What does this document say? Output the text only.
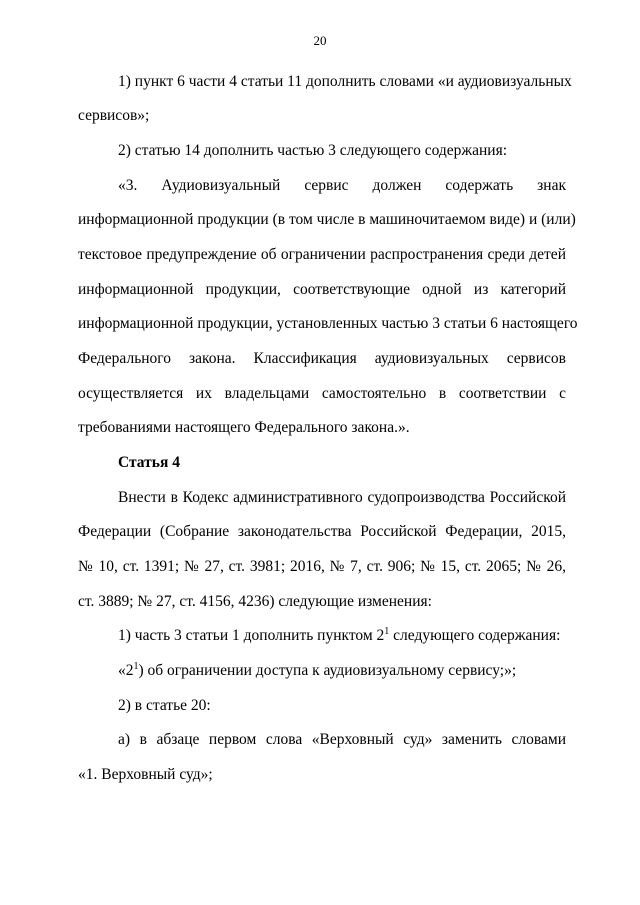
20
1) пункт 6 части 4 статьи 11 дополнить словами «и аудиовизуальных
сервисов»;
2) статью 14 дополнить частью 3 следующего содержания:
«3. Аудиовизуальный сервис должен содержать знак
информационной продукции (в том числе в машиночитаемом виде) и (или)
текстовое предупреждение об ограничении распространения среди детей
информационной продукции, соответствующие одной из категорий
информационной продукции, установленных частью 3 статьи 6 настоящего
Федерального закона. Классификация аудиовизуальных сервисов
осуществляется их владельцами самостоятельно в соответствии с
требованиями настоящего Федерального закона.».
Статья 4
Внести в Кодекс административного судопроизводства Российской
Федерации (Собрание законодательства Российской Федерации, 2015,
№ 10, ст. 1391; № 27, ст. 3981; 2016, № 7, ст. 906; № 15, ст. 2065; № 26,
ст. 3889; № 27, ст. 4156, 4236) следующие изменения:
1) часть 3 статьи 1 дополнить пунктом $2^1$ следующего содержания:
«$2^1$) об ограничении доступа к аудиовизуальному сервису;»;
2) в статье 20:
а) в абзаце первом слова «Верховный суд» заменить словами
«1. Верховный суд»;
